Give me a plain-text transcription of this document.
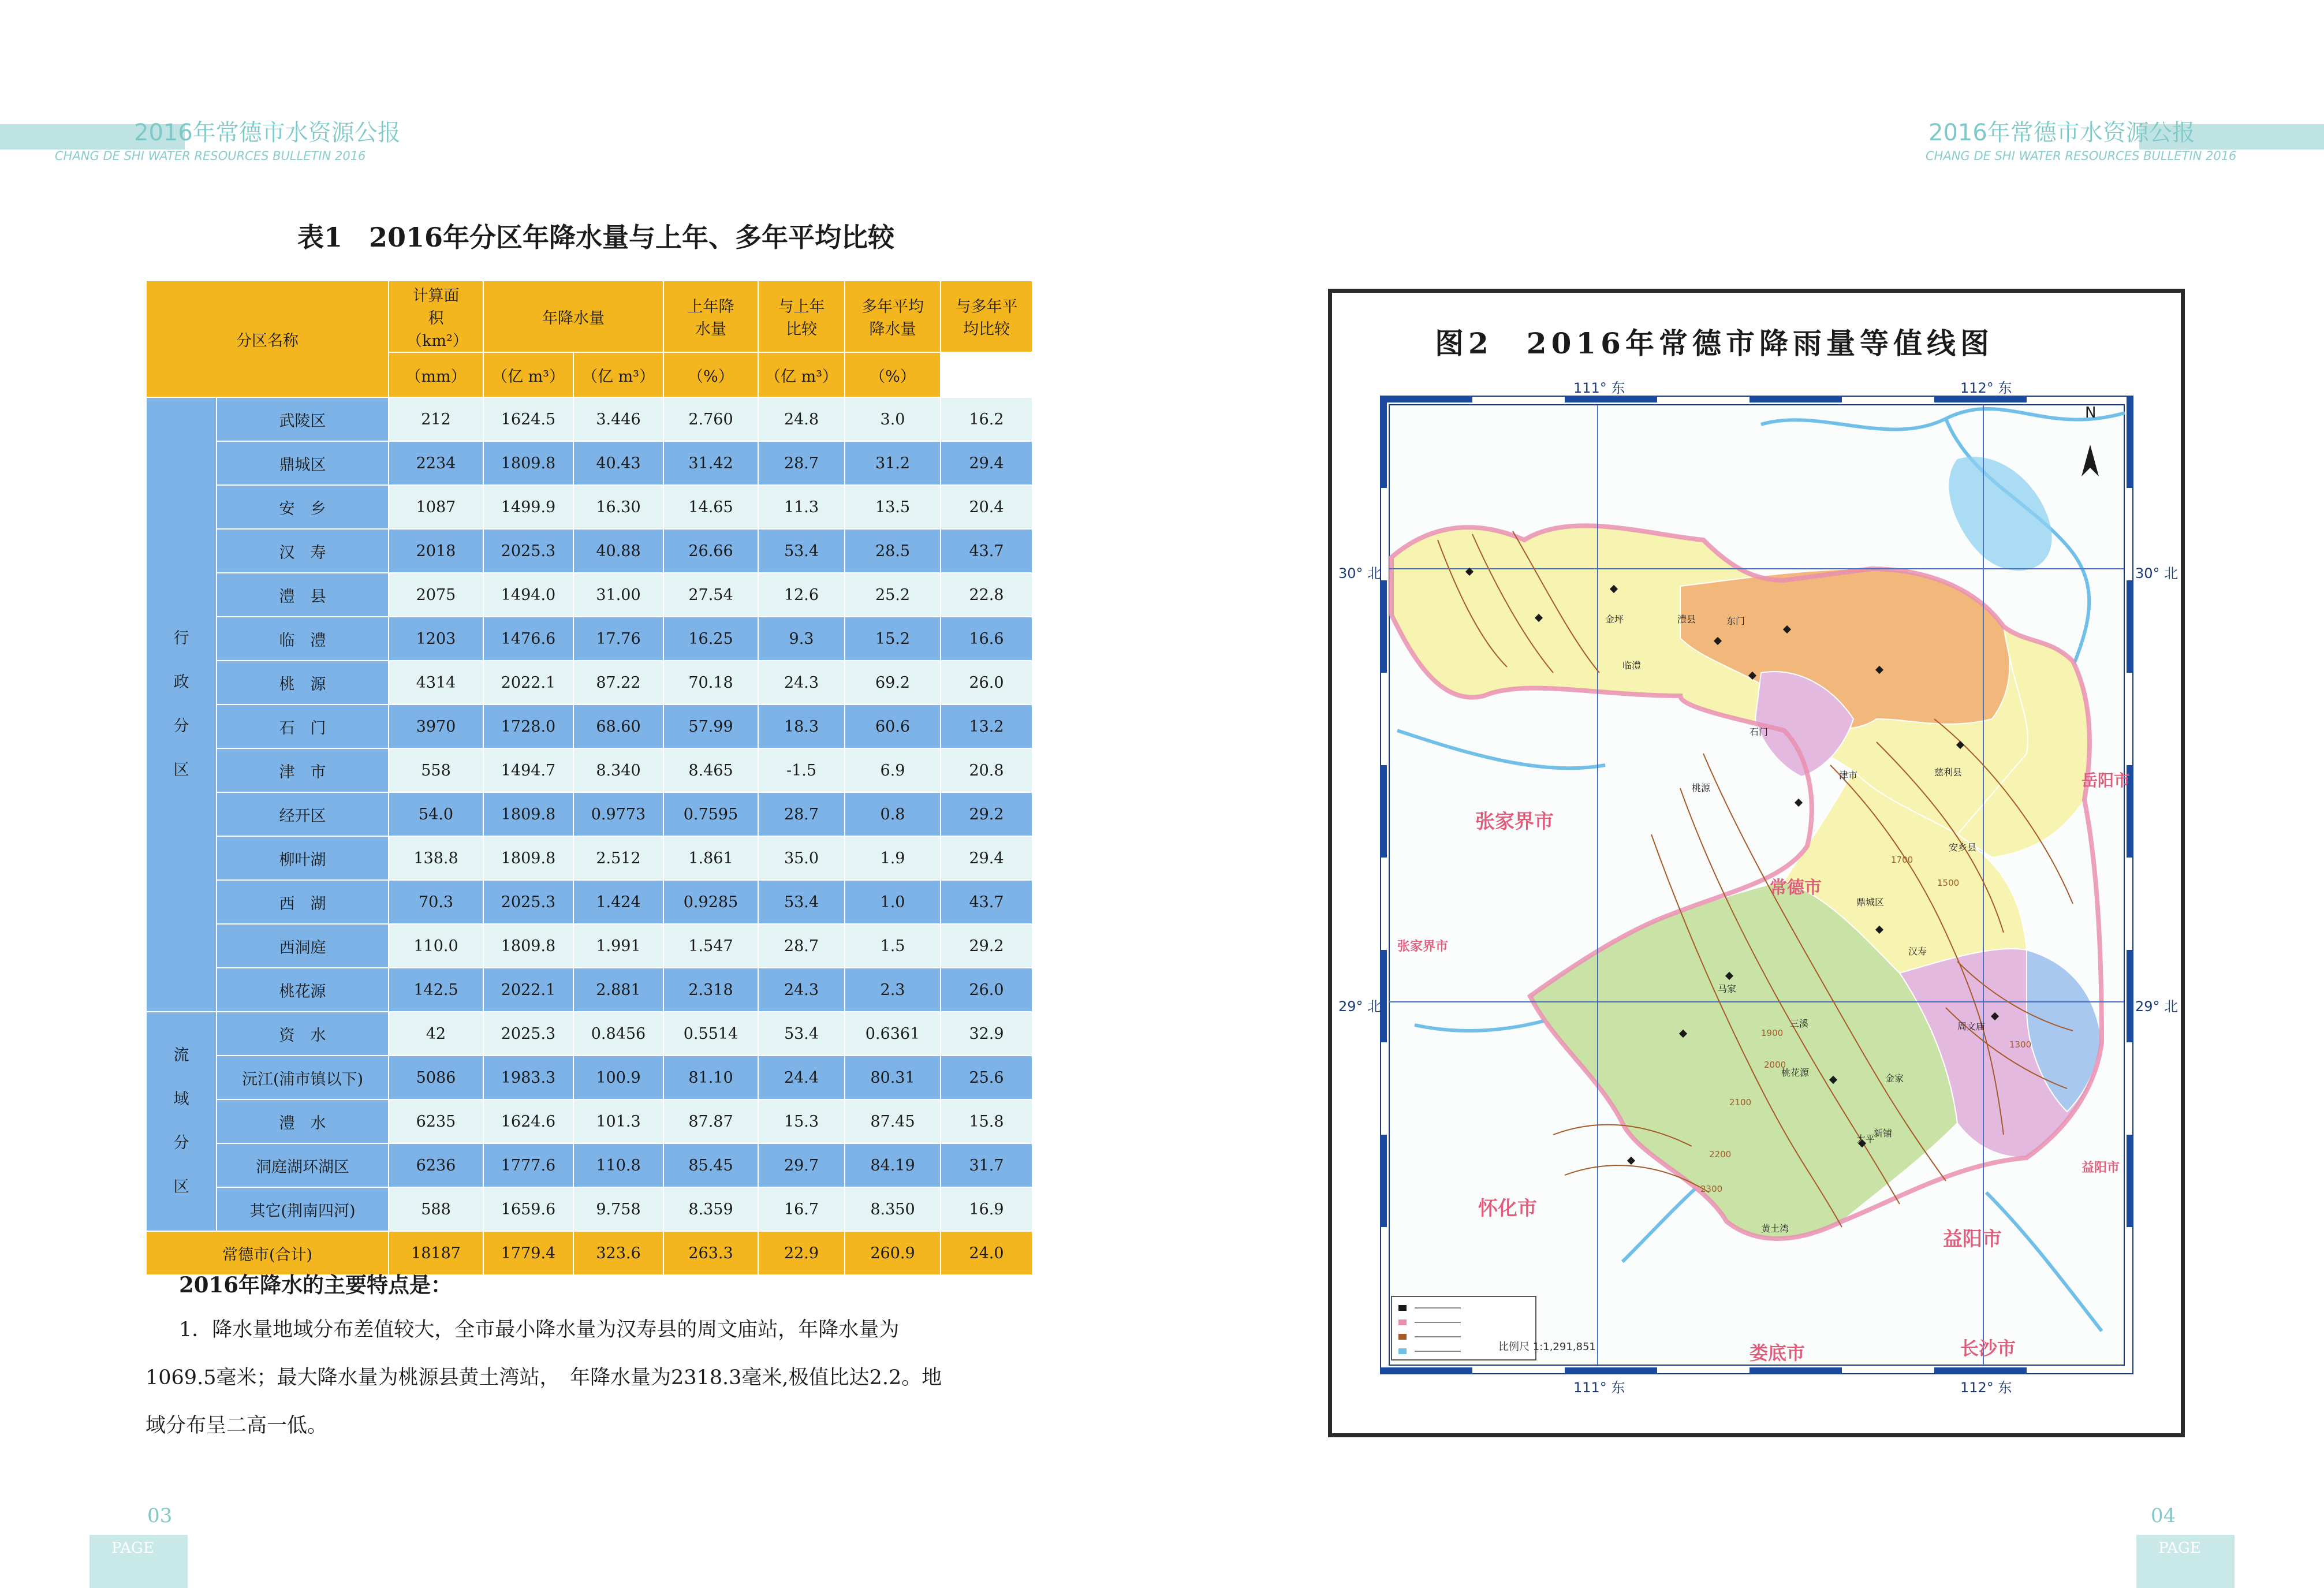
2016年常德市水资源公报
CHANG DE SHI WATER RESOURCES BULLETIN 2016
2016年常德市水资源公报
CHANG DE SHI WATER RESOURCES BULLETIN 2016
表1　2016年分区年降水量与上年、多年平均比较
分区名称		计算面积（km²）	年降水量		上年降水量	与上年比较	多年平均降水量	与多年平均比较
		（mm）	（亿 m³）	（亿 m³）	（%）	（亿 m³）	（%）	

行
政
分
区	武陵区	212	1624.5	3.446	2.760	24.8	3.0	16.2
	鼎城区	2234	1809.8	40.43	31.42	28.7	31.2	29.4
	安　乡	1087	1499.9	16.30	14.65	11.3	13.5	20.4
	汉　寿	2018	2025.3	40.88	26.66	53.4	28.5	43.7
	澧　县	2075	1494.0	31.00	27.54	12.6	25.2	22.8
	临　澧	1203	1476.6	17.76	16.25	9.3	15.2	16.6
	桃　源	4314	2022.1	87.22	70.18	24.3	69.2	26.0
	石　门	3970	1728.0	68.60	57.99	18.3	60.6	13.2
	津　市	558	1494.7	8.340	8.465	-1.5	6.9	20.8
	经开区	54.0	1809.8	0.9773	0.7595	28.7	0.8	29.2
	柳叶湖	138.8	1809.8	2.512	1.861	35.0	1.9	29.4
	西　湖	70.3	2025.3	1.424	0.9285	53.4	1.0	43.7
	西洞庭	110.0	1809.8	1.991	1.547	28.7	1.5	29.2
	桃花源	142.5	2022.1	2.881	2.318	24.3	2.3	26.0

流
域
分
区	资　水	42	2025.3	0.8456	0.5514	53.4	0.6361	32.9
	沅江(浦市镇以下)	5086	1983.3	100.9	81.10	24.4	80.31	25.6
	澧　水	6235	1624.6	101.3	87.87	15.3	87.45	15.8
	洞庭湖环湖区	6236	1777.6	110.8	85.45	29.7	84.19	31.7
	其它(荆南四河)	588	1659.6	9.758	8.359	16.7	8.350	16.9
常德市(合计)		18187	1779.4	323.6	263.3	22.9	260.9	24.0
2016年降水的主要特点是：
1．降水量地域分布差值较大，全市最小降水量为汉寿县的周文庙站，年降水量为
1069.5毫米；最大降水量为桃源县黄土湾站，　年降水量为2318.3毫米,极值比达2.2。地
域分布呈二高一低。
03
PAGE
04
PAGE
图2　2016年常德市降雨量等值线图
111° 东	112° 东
111° 东	112° 东
30° 北	30° 北
29° 北	29° 北
N
张家界市
常德市
怀化市
益阳市
娄底市	长沙市
岳阳市
张家界市
益阳市
东门
石门
桃源
慈利县
汉寿
周文庙
黄土湾
安乡县
津市
临澧
澧县
鼎城区
桃花源
新铺
金坪
三溪
太平
金家
马家
1300
1500
1700
1900
2000
2100
2200
2300
比例尺 1:1,291,851
